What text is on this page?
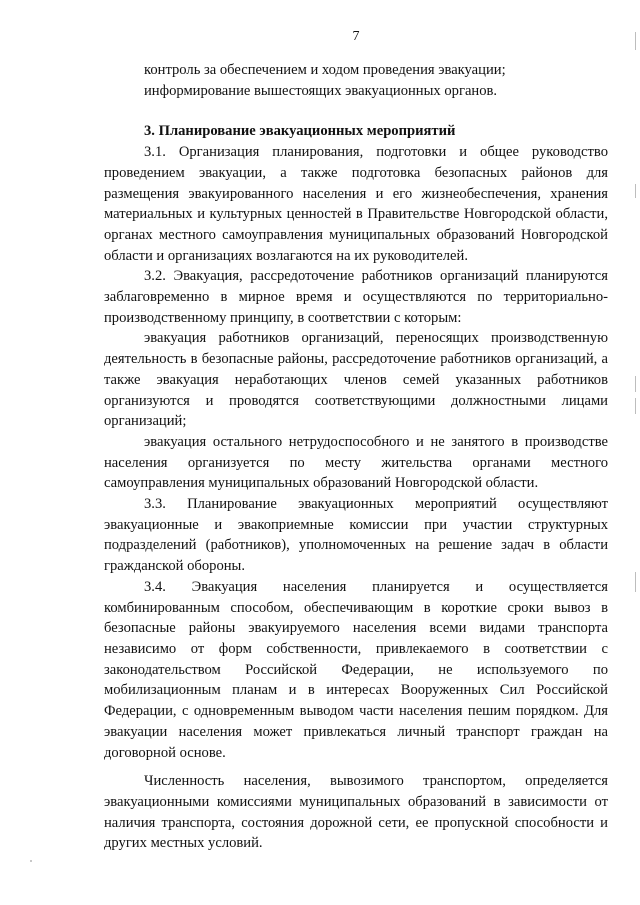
7

контроль за обеспечением и ходом проведения эвакуации;

информирование вышестоящих эвакуационных органов.

3. Планирование эвакуационных мероприятий

3.1. Организация планирования, подготовки и общее руководство проведением эвакуации, а также подготовка безопасных районов для размещения эвакуированного населения и его жизнеобеспечения, хранения материальных и культурных ценностей в Правительстве Новгородской области, органах местного самоуправления муниципальных образований Новгородской области и организациях возлагаются на их руководителей.

3.2. Эвакуация, рассредоточение работников организаций планируются заблаговременно в мирное время и осуществляются по территориально-производственному принципу, в соответствии с которым:

эвакуация работников организаций, переносящих производственную деятельность в безопасные районы, рассредоточение работников организаций, а также эвакуация неработающих членов семей указанных работников организуются и проводятся соответствующими должностными лицами организаций;

эвакуация остального нетрудоспособного и не занятого в производстве населения организуется по месту жительства органами местного самоуправления муниципальных образований Новгородской области.

3.3. Планирование эвакуационных мероприятий осуществляют эвакуационные и эвакоприемные комиссии при участии структурных подразделений (работников), уполномоченных на решение задач в области гражданской обороны.

3.4. Эвакуация населения планируется и осуществляется комбинированным способом, обеспечивающим в короткие сроки вывоз в безопасные районы эвакуируемого населения всеми видами транспорта независимо от форм собственности, привлекаемого в соответствии с законодательством Российской Федерации, не используемого по мобилизационным планам и в интересах Вооруженных Сил Российской Федерации, с одновременным выводом части населения пешим порядком. Для эвакуации населения может привлекаться личный транспорт граждан на договорной основе.

Численность населения, вывозимого транспортом, определяется эвакуационными комиссиями муниципальных образований в зависимости от наличия транспорта, состояния дорожной сети, ее пропускной способности и других местных условий.
